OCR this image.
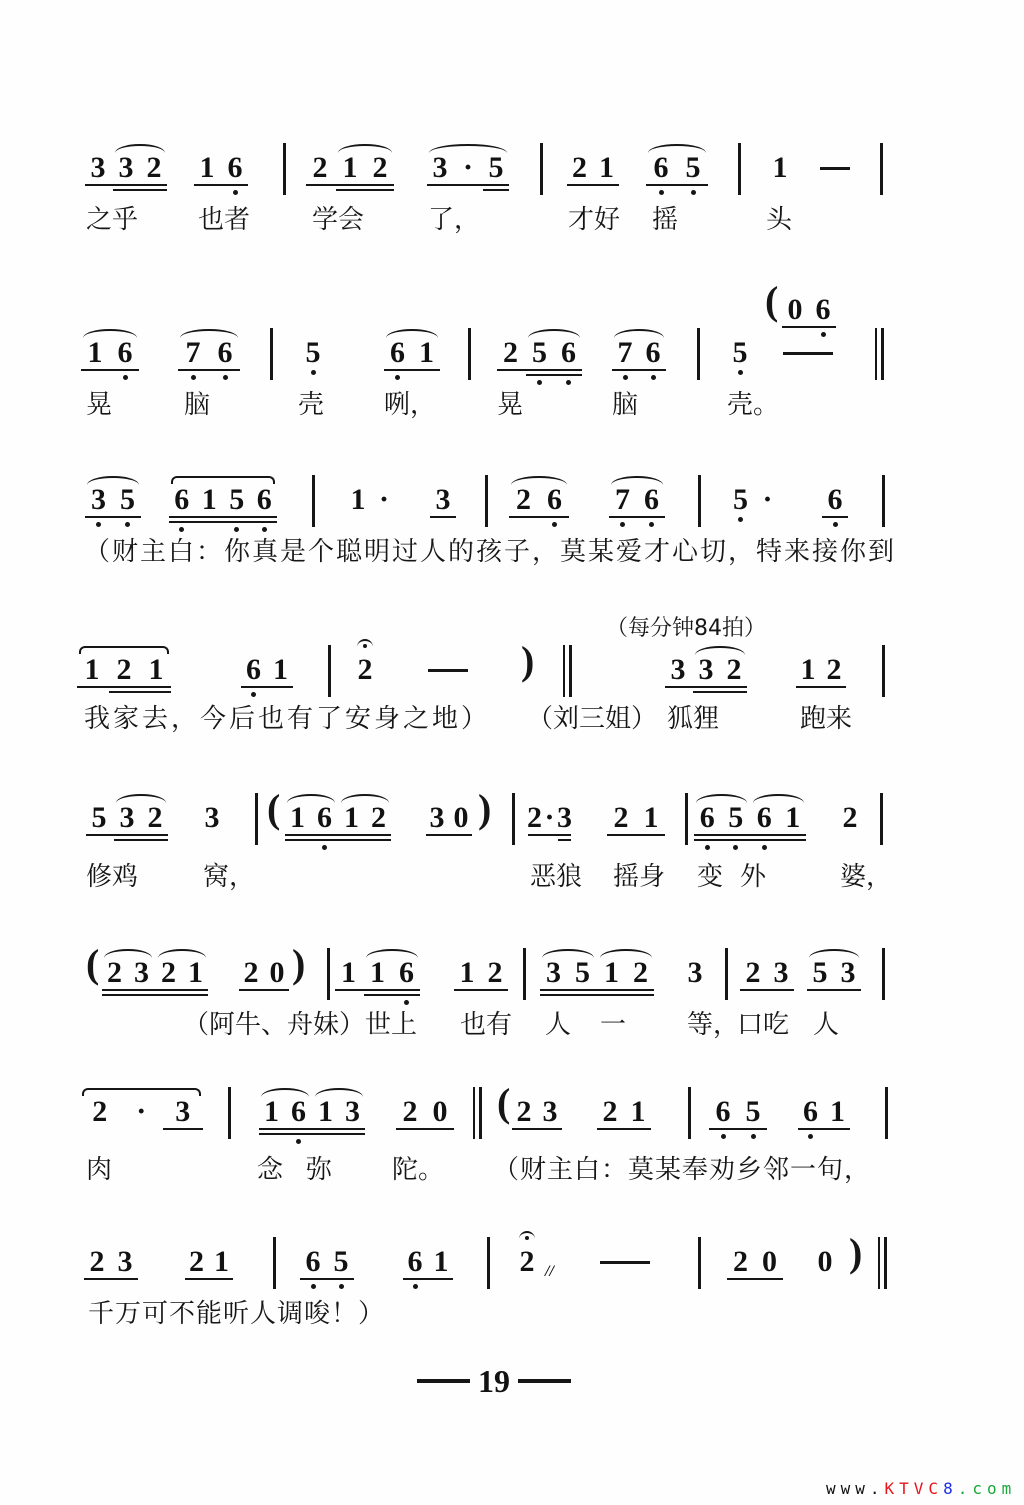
3 3 2 1 6 2 1 2 3 · 5 2 1 6 5 1
之乎 也者 学会 了，	才好 摇	头
1 6 7 6 5 6 1 2 5 6 7 6 5
( 0 6
晃	脑	壳 咧， 晃	脑	壳。
3 5 6 1 5 6	1 · 3 2 6 7 6 5 · 6
（财主白：你真是个聪明过人的孩子，莫某爱才心切，特来接你到
1 2 1	6 1 2	)	3 3 2 1 2
我家去，今后也有了安身之地） （刘三姐） 狐狸	跑来
5 3 2 3 ( 1 6 1 2 3 0 ) 2 · 3 2 1 6 5 6 1 2
修鸡 窝，	恶狼 摇身 变 外	婆，
( 2 3 2 1 2 0 ) 1 1 6 1 2 3 5 1 2 3 2 3 5 3
（阿牛、舟妹）世上 也有 人 一 等，
口吃 人
2 · 3	1 6 1 3 2 0 ( 2 3 2 1 6 5 6 1
肉	念 弥 陀。 （财主白：莫某奉劝乡邻一句，
2 3 2 1	6 5 6 1 2 //	2 0 0 )
千万可不能听人调唆！）
（每分钟84拍）
19
www.KTVC8.com
